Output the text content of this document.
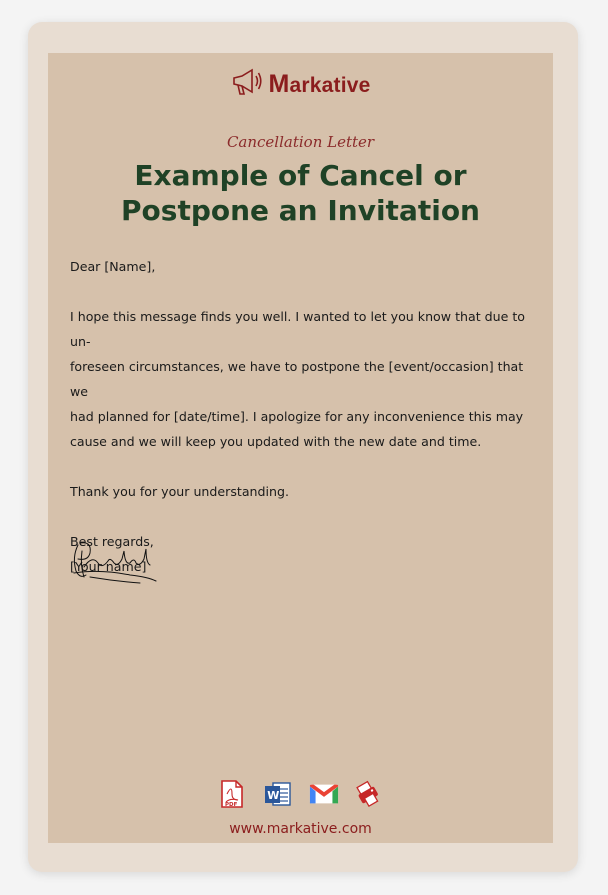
Markative
Cancellation Letter
Example of Cancel or
Postpone an Invitation

Dear [Name],

I hope this message finds you well. I wanted to let you know that due to un-

foreseen circumstances, we have to postpone the [event/occasion] that we

had planned for [date/time]. I apologize for any inconvenience this may

cause and we will keep you updated with the new date and time.

Thank you for your understanding.

Best regards,

[Your name]

PDF
W
www.markative.com
